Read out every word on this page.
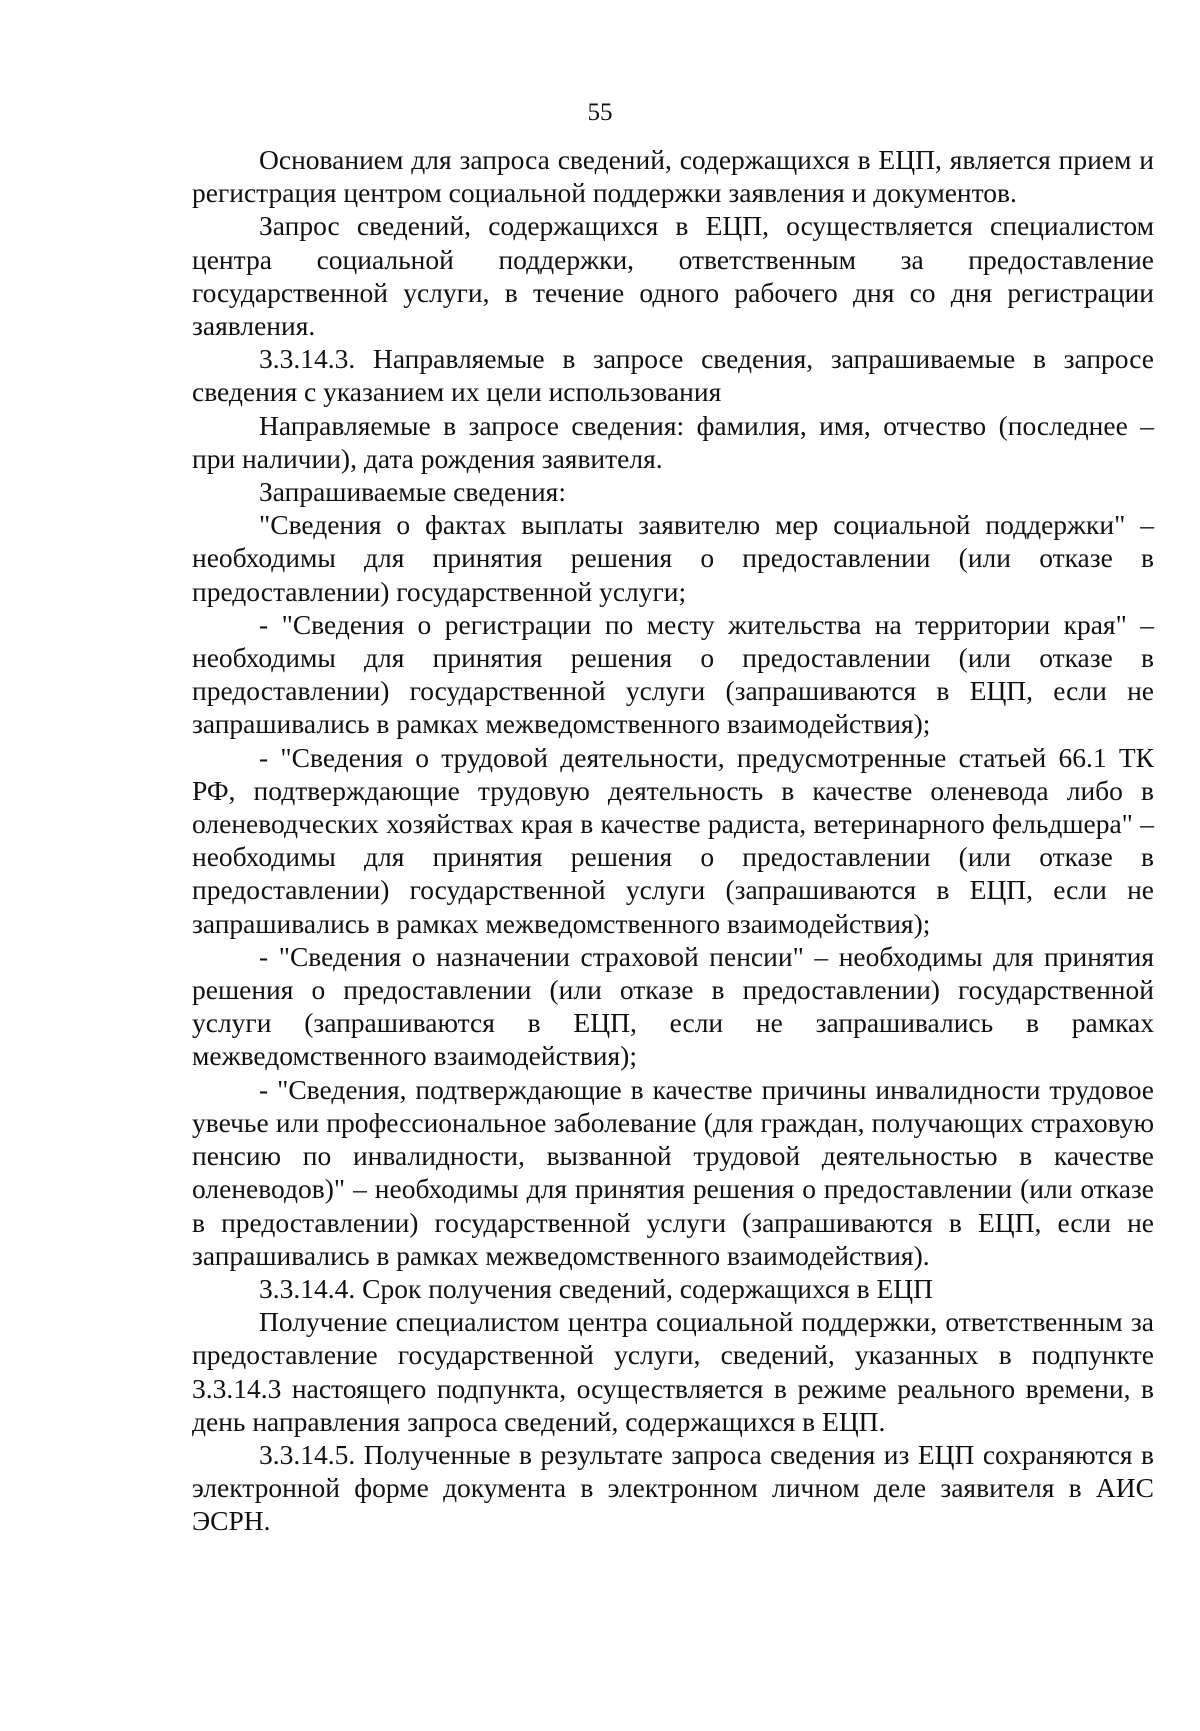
55

Основанием для запроса сведений, содержащихся в ЕЦП, является прием и регистрация центром социальной поддержки заявления и документов.

Запрос сведений, содержащихся в ЕЦП, осуществляется специалистом центра социальной поддержки, ответственным за предоставление государственной услуги, в течение одного рабочего дня со дня регистрации заявления.

3.3.14.3. Направляемые в запросе сведения, запрашиваемые в запросе сведения с указанием их цели использования

Направляемые в запросе сведения: фамилия, имя, отчество (последнее – при наличии), дата рождения заявителя.

Запрашиваемые сведения:

"Сведения о фактах выплаты заявителю мер социальной поддержки" – необходимы для принятия решения о предоставлении (или отказе в предоставлении) государственной услуги;

- "Сведения о регистрации по месту жительства на территории края" – необходимы для принятия решения о предоставлении (или отказе в предоставлении) государственной услуги (запрашиваются в ЕЦП, если не запрашивались в рамках межведомственного взаимодействия);

- "Сведения о трудовой деятельности, предусмотренные статьей 66.1 ТК РФ, подтверждающие трудовую деятельность в качестве оленевода либо в оленеводческих хозяйствах края в качестве радиста, ветеринарного фельдшера" – необходимы для принятия решения о предоставлении (или отказе в предоставлении) государственной услуги (запрашиваются в ЕЦП, если не запрашивались в рамках межведомственного взаимодействия);

- "Сведения о назначении страховой пенсии" – необходимы для принятия решения о предоставлении (или отказе в предоставлении) государственной услуги (запрашиваются в ЕЦП, если не запрашивались в рамках межведомственного взаимодействия);

- "Сведения, подтверждающие в качестве причины инвалидности трудовое увечье или профессиональное заболевание (для граждан, получающих страховую пенсию по инвалидности, вызванной трудовой деятельностью в качестве оленеводов)" – необходимы для принятия решения о предоставлении (или отказе в предоставлении) государственной услуги (запрашиваются в ЕЦП, если не запрашивались в рамках межведомственного взаимодействия).

3.3.14.4. Срок получения сведений, содержащихся в ЕЦП

Получение специалистом центра социальной поддержки, ответственным за предоставление государственной услуги, сведений, указанных в подпункте 3.3.14.3 настоящего подпункта, осуществляется в режиме реального времени, в день направления запроса сведений, содержащихся в ЕЦП.

3.3.14.5. Полученные в результате запроса сведения из ЕЦП сохраняются в электронной форме документа в электронном личном деле заявителя в АИС ЭСРН.
